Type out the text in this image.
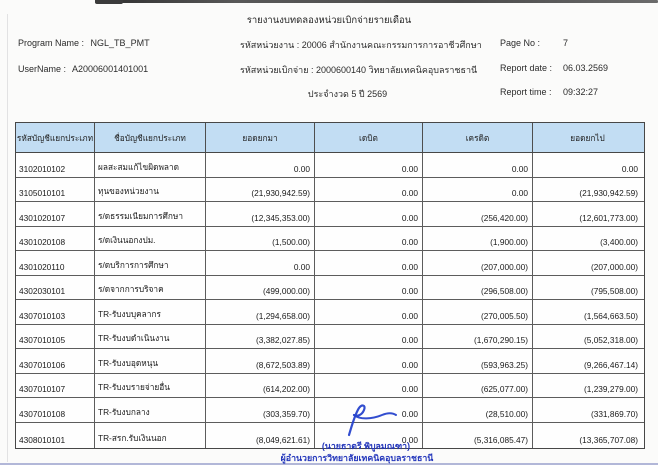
รายงานงบทดลองหน่วยเบิกจ่ายรายเดือน
Program Name : NGL_TB_PMT
UserName : A20006001401001
รหัสหน่วยงาน : 20006 สำนักงานคณะกรรมการการอาชีวศึกษา
รหัสหน่วยเบิกจ่าย : 2000600140 วิทยาลัยเทคนิคอุบลราชธานี
ประจำงวด 5 ปี 2569
Page No :	7
Report date : 06.03.2569
Report time : 09:32:27
รหัสบัญชีแยกประเภท	ชื่อบัญชีแยกประเภท	ยอดยกมา	เดบิต	เครดิต	ยอดยกไป
3102010102	ผลสะสมแก้ไขผิดพลาด	0.00	0.00	0.00	0.00
3105010101	ทุนของหน่วยงาน	(21,930,942.59)	0.00	0.00	(21,930,942.59)
4301020107	ร/ดธรรมเนียมการศึกษา	(12,345,353.00)	0.00	(256,420.00)	(12,601,773.00)
4301020108	ร/ดเงินนอกงปม.	(1,500.00)	0.00	(1,900.00)	(3,400.00)
4301020110	ร/ดบริการการศึกษา	0.00	0.00	(207,000.00)	(207,000.00)
4302030101	ร/ดจากการบริจาค	(499,000.00)	0.00	(296,508.00)	(795,508.00)
4307010103	TR-รับงบบุคลากร	(1,294,658.00)	0.00	(270,005.50)	(1,564,663.50)
4307010105	TR-รับงบดำเนินงาน	(3,382,027.85)	0.00	(1,670,290.15)	(5,052,318.00)
4307010106	TR-รับงบอุดหนุน	(8,672,503.89)	0.00	(593,963.25)	(9,266,467.14)
4307010107	TR-รับงบรายจ่ายอื่น	(614,202.00)	0.00	(625,077.00)	(1,239,279.00)
4307010108	TR-รับงบกลาง	(303,359.70)	0.00	(28,510.00)	(331,869.70)
4308010101	TR-สรก.รับเงินนอก	(8,049,621.61)	0.00	(5,316,085.47)	(13,365,707.08)
(นายธาตรี พิบูลมณฑา)
ผู้อำนวยการวิทยาลัยเทคนิคอุบลราชธานี
